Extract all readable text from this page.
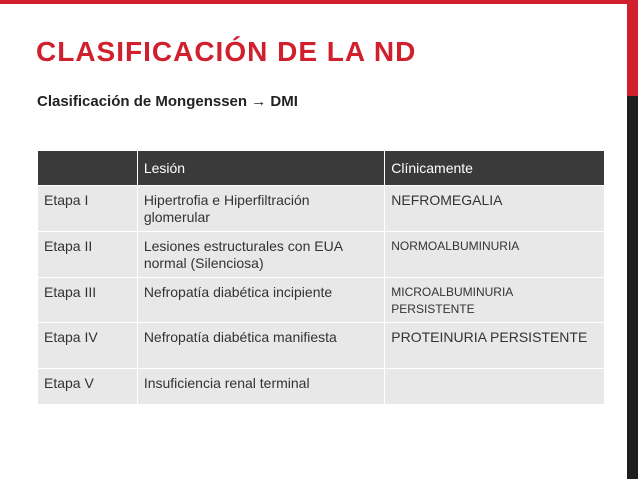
CLASIFICACIÓN DE LA ND

Clasificación de Mongenssen → DMI

	Lesión	Clínicamente
Etapa I	Hipertrofia e Hiperfiltración glomerular	NEFROMEGALIA
Etapa II	Lesiones estructurales con EUA normal (Silenciosa)	NORMOALBUMINURIA
Etapa III	Nefropatía diabética incipiente	MICROALBUMINURIA PERSISTENTE
Etapa IV	Nefropatía diabética manifiesta	PROTEINURIA PERSISTENTE
Etapa V	Insuficiencia renal terminal	
